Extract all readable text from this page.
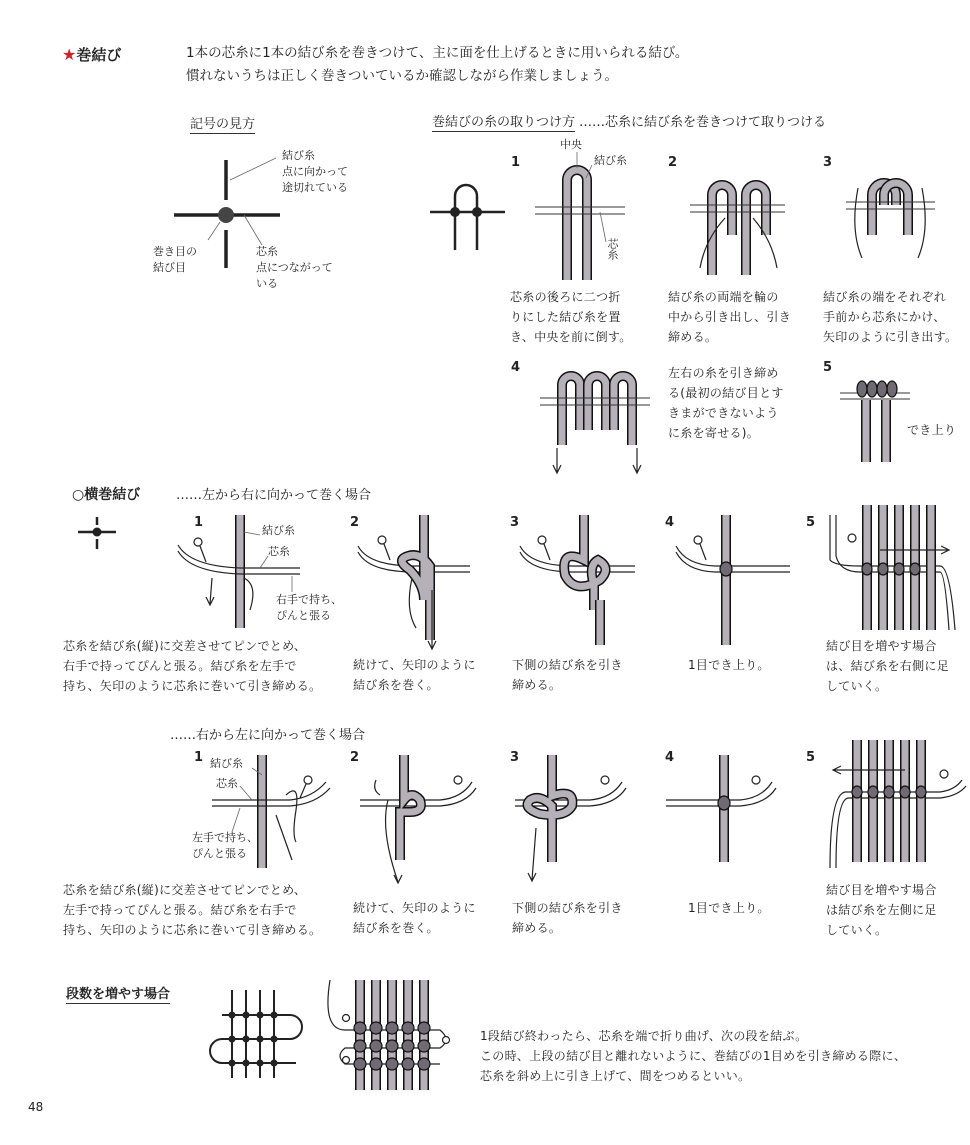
★巻結び	1本の芯糸に1本の結び糸を巻きつけて、主に面を仕上げるときに用いられる結び。
慣れないうちは正しく巻きついているか確認しながら作業しましょう。
記号の見方
結び糸
点に向かって
途切れている
芯糸
点につながって
いる
巻き目の
結び目
巻結びの糸の取りつけ方 ……芯糸に結び糸を巻きつけて取りつける
1
中央
結び糸
芯糸
芯糸の後ろに二つ折
りにした結び糸を置
き、中央を前に倒す。
2
結び糸の両端を輪の
中から引き出し、引き
締める。
3
結び糸の端をそれぞれ
手前から芯糸にかけ、
矢印のように引き出す。
4	左右の糸を引き締め
る(最初の結び目とす
きまができないよう
に糸を寄せる)。
5
でき上り
○横巻結び	……左から右に向かって巻く場合
1
結び糸
芯糸
右手で持ち、
ぴんと張る
芯糸を結び糸(縦)に交差させてピンでとめ、
右手で持ってぴんと張る。結び糸を左手で
持ち、矢印のように芯糸に巻いて引き締める。
2
続けて、矢印のように
結び糸を巻く。
3
下側の結び糸を引き
締める。
4
1目でき上り。
5
結び目を増やす場合
は、結び糸を右側に足
していく。
……右から左に向かって巻く場合
1 結び糸
芯糸
左手で持ち、
ぴんと張る
芯糸を結び糸(縦)に交差させてピンでとめ、
左手で持ってぴんと張る。結び糸を右手で
持ち、矢印のように芯糸に巻いて引き締める。
2
続けて、矢印のように
結び糸を巻く。
3
下側の結び糸を引き
締める。
4
1目でき上り。
5
結び目を増やす場合
は結び糸を左側に足
していく。
段数を増やす場合
1段結び終わったら、芯糸を端で折り曲げ、次の段を結ぶ。
この時、上段の結び目と離れないように、巻結びの1目めを引き締める際に、
芯糸を斜め上に引き上げて、間をつめるといい。
48
